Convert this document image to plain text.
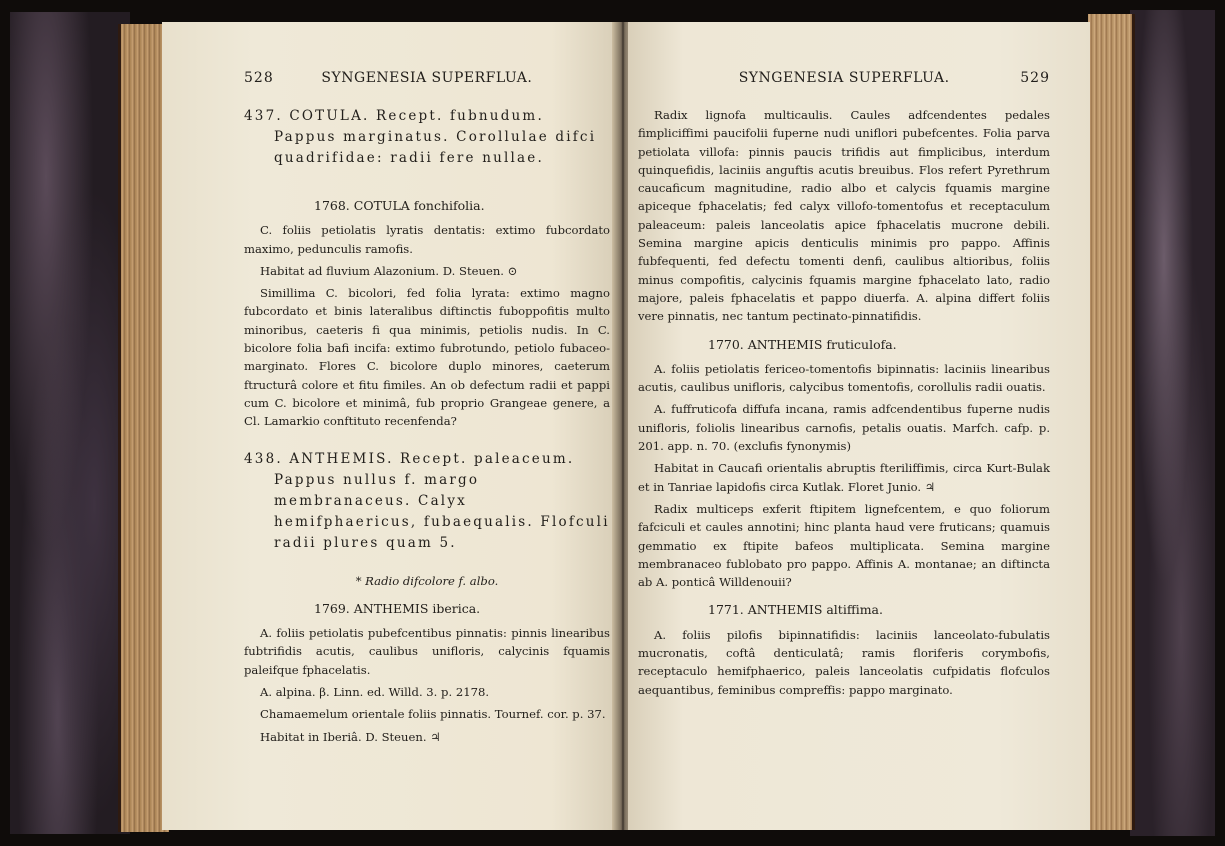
528	SYNGENESIA SUPERFLUA.

437. COTULA. Recept. fubnudum. Pappus marginatus. Corollulae difci quadrifidae: radii fere nullae.

1768. COTULA fonchifolia.

C. foliis petiolatis lyratis dentatis: extimo fubcordato maximo, pedunculis ramofis.

Habitat ad fluvium Alazonium. D. Steuen. ⊙

Simillima C. bicolori, fed folia lyrata: extimo magno fubcordato et binis lateralibus diftinctis fuboppofitis multo minoribus, caeteris fi qua minimis, petiolis nudis. In C. bicolore folia bafi incifa: extimo fubrotundo, petiolo fubaceo-marginato. Flores C. bicolore duplo minores, caeterum ftructurâ colore et fitu fimiles. An ob defectum radii et pappi cum C. bicolore et minimâ, fub proprio Grangeae genere, a Cl. Lamarkio conftituto recenfenda?

438. ANTHEMIS. Recept. paleaceum. Pappus nullus f. margo membranaceus. Calyx hemifphaericus, fubaequalis. Flofculi radii plures quam 5.

* Radio difcolore f. albo.

1769. ANTHEMIS iberica.

A. foliis petiolatis pubefcentibus pinnatis: pinnis linearibus fubtrifidis acutis, caulibus unifloris, calycinis fquamis paleifque fphacelatis.

A. alpina. β. Linn. ed. Willd. 3. p. 2178.

Chamaemelum orientale foliis pinnatis. Tournef. cor. p. 37.

Habitat in Iberiâ. D. Steuen. ♃

SYNGENESIA SUPERFLUA.	529

Radix lignofa multicaulis. Caules adfcendentes pedales fimpliciffimi paucifolii fuperne nudi uniflori pubefcentes. Folia parva petiolata villofa: pinnis paucis trifidis aut fimplicibus, interdum quinquefidis, laciniis anguftis acutis breuibus. Flos refert Pyrethrum caucaficum magnitudine, radio albo et calycis fquamis margine apiceque fphacelatis; fed calyx villofo-tomentofus et receptaculum paleaceum: paleis lanceolatis apice fphacelatis mucrone debili. Semina margine apicis denticulis minimis pro pappo. Affinis fubfequenti, fed defectu tomenti denfi, caulibus altioribus, foliis minus compofitis, calycinis fquamis margine fphacelato lato, radio majore, paleis fphacelatis et pappo diuerfa. A. alpina differt foliis vere pinnatis, nec tantum pectinato-pinnatifidis.

1770. ANTHEMIS fruticulofa.

A. foliis petiolatis fericeo-tomentofis bipinnatis: laciniis linearibus acutis, caulibus unifloris, calycibus tomentofis, corollulis radii ouatis.

A. fuffruticofa diffufa incana, ramis adfcendentibus fuperne nudis unifloris, foliolis linearibus carnofis, petalis ouatis. Marfch. cafp. p. 201. app. n. 70. (exclufis fynonymis)

Habitat in Caucafi orientalis abruptis fteriliffimis, circa Kurt-Bulak et in Tanriae lapidofis circa Kutlak. Floret Junio. ♃

Radix multiceps exferit ftipitem lignefcentem, e quo foliorum fafciculi et caules annotini; hinc planta haud vere fruticans; quamuis gemmatio ex ftipite bafeos multiplicata. Semina margine membranaceo fublobato pro pappo. Affinis A. montanae; an diftincta ab A. ponticâ Willdenouii?

1771. ANTHEMIS altiffima.

A. foliis pilofis bipinnatifidis: laciniis lanceolato-fubulatis mucronatis, coftâ denticulatâ; ramis floriferis corymbofis, receptaculo hemifphaerico, paleis lanceolatis cufpidatis flofculos aequantibus, feminibus compreffis: pappo marginato.
